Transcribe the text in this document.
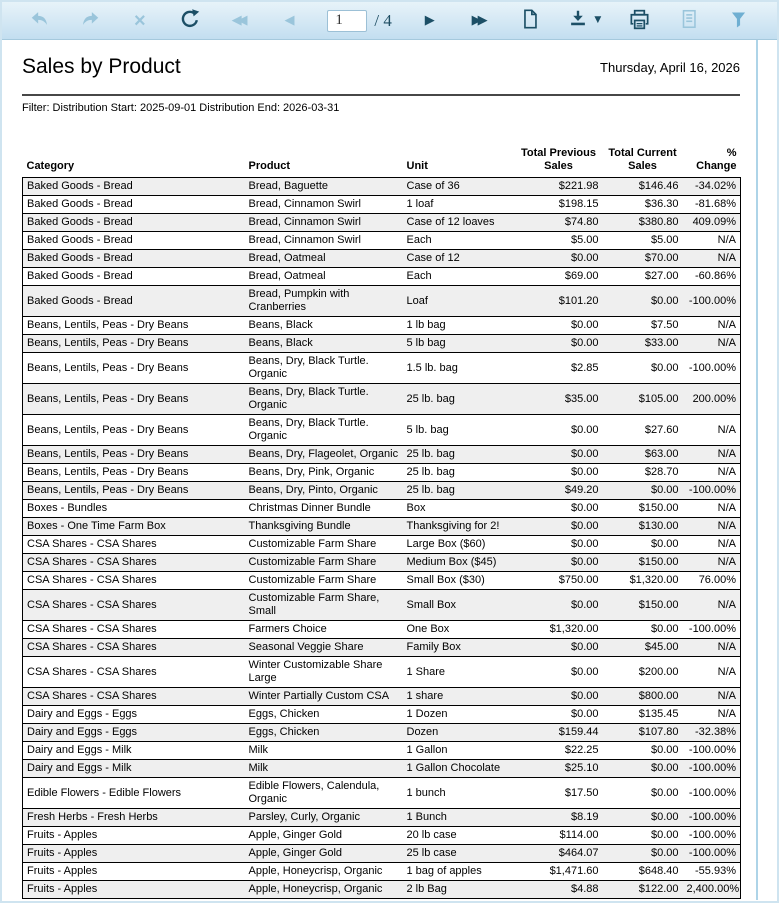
×	◀◀	◀
1	/ 4	▶	▶▶	▼
Sales by Product	Thursday, April 16, 2026
Filter: Distribution Start: 2025-09-01 Distribution End: 2026-03-31
Category	Product	Unit	Total Previous Sales	Total Current Sales	% Change
Baked Goods - Bread	Bread, Baguette	Case of 36	$221.98	$146.46	-34.02%
Baked Goods - Bread	Bread, Cinnamon Swirl	1 loaf	$198.15	$36.30	-81.68%
Baked Goods - Bread	Bread, Cinnamon Swirl	Case of 12 loaves	$74.80	$380.80	409.09%
Baked Goods - Bread	Bread, Cinnamon Swirl	Each	$5.00	$5.00	N/A
Baked Goods - Bread	Bread, Oatmeal	Case of 12	$0.00	$70.00	N/A
Baked Goods - Bread	Bread, Oatmeal	Each	$69.00	$27.00	-60.86%
Baked Goods - Bread	Bread, Pumpkin with Cranberries	Loaf	$101.20	$0.00	-100.00%
Beans, Lentils, Peas - Dry Beans	Beans, Black	1 lb bag	$0.00	$7.50	N/A
Beans, Lentils, Peas - Dry Beans	Beans, Black	5 lb bag	$0.00	$33.00	N/A
Beans, Lentils, Peas - Dry Beans	Beans, Dry, Black Turtle. Organic	1.5 lb. bag	$2.85	$0.00	-100.00%
Beans, Lentils, Peas - Dry Beans	Beans, Dry, Black Turtle. Organic	25 lb. bag	$35.00	$105.00	200.00%
Beans, Lentils, Peas - Dry Beans	Beans, Dry, Black Turtle. Organic	5 lb. bag	$0.00	$27.60	N/A
Beans, Lentils, Peas - Dry Beans	Beans, Dry, Flageolet, Organic	25 lb. bag	$0.00	$63.00	N/A
Beans, Lentils, Peas - Dry Beans	Beans, Dry, Pink, Organic	25 lb. bag	$0.00	$28.70	N/A
Beans, Lentils, Peas - Dry Beans	Beans, Dry, Pinto, Organic	25 lb. bag	$49.20	$0.00	-100.00%
Boxes - Bundles	Christmas Dinner Bundle	Box	$0.00	$150.00	N/A
Boxes - One Time Farm Box	Thanksgiving Bundle	Thanksgiving for 2!	$0.00	$130.00	N/A
CSA Shares - CSA Shares	Customizable Farm Share	Large Box ($60)	$0.00	$0.00	N/A
CSA Shares - CSA Shares	Customizable Farm Share	Medium Box ($45)	$0.00	$150.00	N/A
CSA Shares - CSA Shares	Customizable Farm Share	Small Box ($30)	$750.00	$1,320.00	76.00%
CSA Shares - CSA Shares	Customizable Farm Share, Small	Small Box	$0.00	$150.00	N/A
CSA Shares - CSA Shares	Farmers Choice	One Box	$1,320.00	$0.00	-100.00%
CSA Shares - CSA Shares	Seasonal Veggie Share	Family Box	$0.00	$45.00	N/A
CSA Shares - CSA Shares	Winter Customizable Share Large	1 Share	$0.00	$200.00	N/A
CSA Shares - CSA Shares	Winter Partially Custom CSA	1 share	$0.00	$800.00	N/A
Dairy and Eggs - Eggs	Eggs, Chicken	1 Dozen	$0.00	$135.45	N/A
Dairy and Eggs - Eggs	Eggs, Chicken	Dozen	$159.44	$107.80	-32.38%
Dairy and Eggs - Milk	Milk	1 Gallon	$22.25	$0.00	-100.00%
Dairy and Eggs - Milk	Milk	1 Gallon Chocolate	$25.10	$0.00	-100.00%
Edible Flowers - Edible Flowers	Edible Flowers, Calendula, Organic	1 bunch	$17.50	$0.00	-100.00%
Fresh Herbs - Fresh Herbs	Parsley, Curly, Organic	1 Bunch	$8.19	$0.00	-100.00%
Fruits - Apples	Apple, Ginger Gold	20 lb case	$114.00	$0.00	-100.00%
Fruits - Apples	Apple, Ginger Gold	25 lb case	$464.07	$0.00	-100.00%
Fruits - Apples	Apple, Honeycrisp, Organic	1 bag of apples	$1,471.60	$648.40	-55.93%
Fruits - Apples	Apple, Honeycrisp, Organic	2 lb Bag	$4.88	$122.00	2,400.00%
